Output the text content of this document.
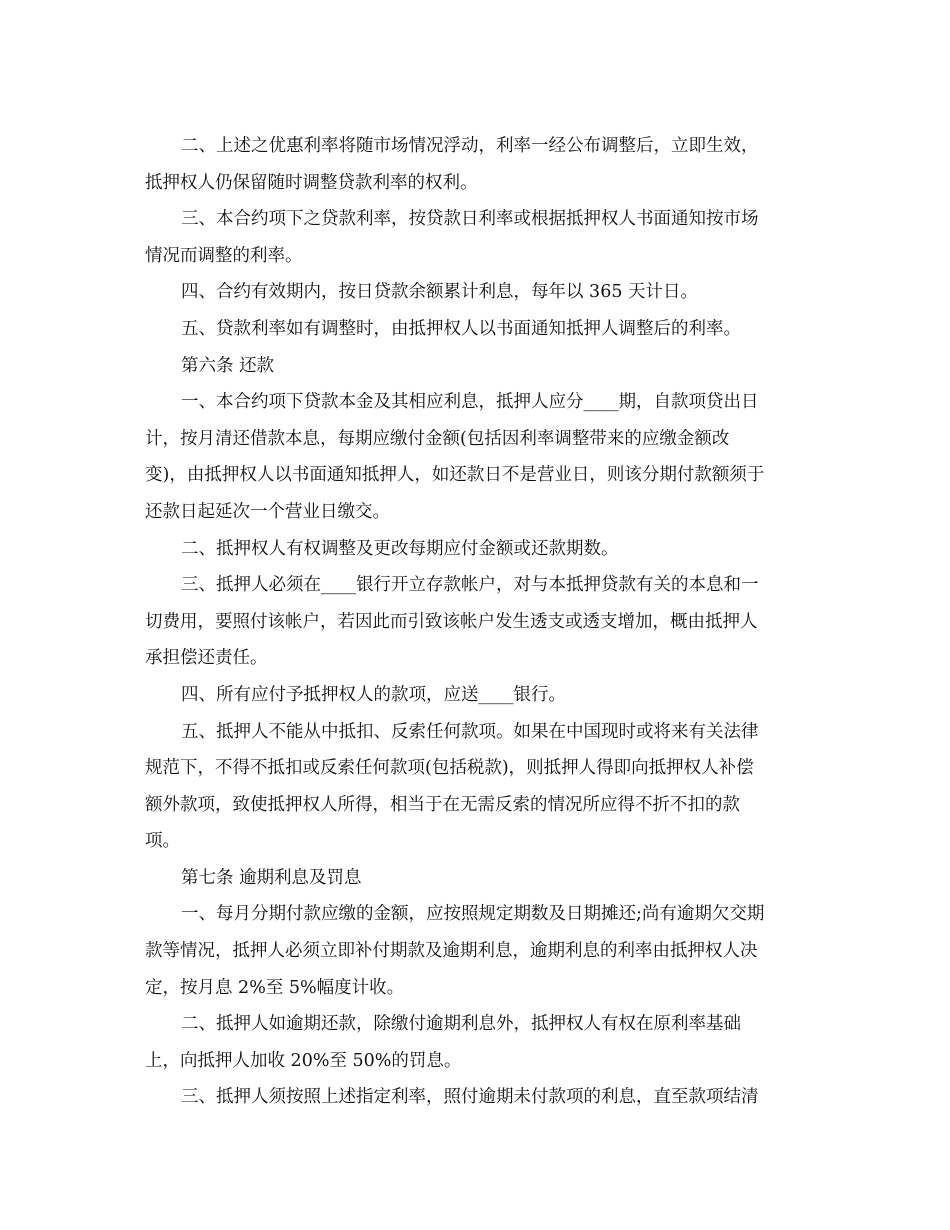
二、上述之优惠利率将随市场情况浮动，利率一经公布调整后，立即生效，
抵押权人仍保留随时调整贷款利率的权利。
三、本合约项下之贷款利率，按贷款日利率或根据抵押权人书面通知按市场
情况而调整的利率。
四、合约有效期内，按日贷款余额累计利息，每年以 365 天计日。
五、贷款利率如有调整时，由抵押权人以书面通知抵押人调整后的利率。
第六条 还款
一、本合约项下贷款本金及其相应利息，抵押人应分____期，自款项贷出日
计，按月清还借款本息，每期应缴付金额(包括因利率调整带来的应缴金额改
变)，由抵押权人以书面通知抵押人，如还款日不是营业日，则该分期付款额须于
还款日起延次一个营业日缴交。
二、抵押权人有权调整及更改每期应付金额或还款期数。
三、抵押人必须在____银行开立存款帐户，对与本抵押贷款有关的本息和一
切费用，要照付该帐户，若因此而引致该帐户发生透支或透支增加，概由抵押人
承担偿还责任。
四、所有应付予抵押权人的款项，应送____银行。
五、抵押人不能从中抵扣、反索任何款项。如果在中国现时或将来有关法律
规范下，不得不抵扣或反索任何款项(包括税款)，则抵押人得即向抵押权人补偿
额外款项，致使抵押权人所得，相当于在无需反索的情况所应得不折不扣的款
项。
第七条 逾期利息及罚息
一、每月分期付款应缴的金额，应按照规定期数及日期摊还;尚有逾期欠交期
款等情况，抵押人必须立即补付期款及逾期利息，逾期利息的利率由抵押权人决
定，按月息 2%至 5%幅度计收。
二、抵押人如逾期还款，除缴付逾期利息外，抵押权人有权在原利率基础
上，向抵押人加收 20%至 50%的罚息。
三、抵押人须按照上述指定利率，照付逾期未付款项的利息，直至款项结清
